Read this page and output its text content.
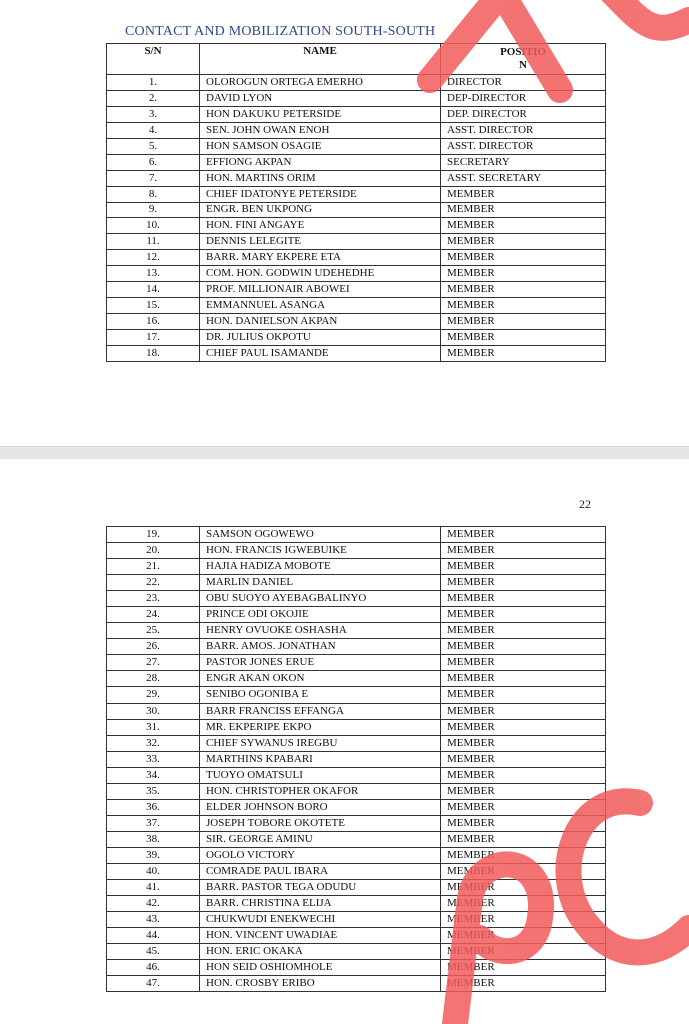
CONTACT AND MOBILIZATION SOUTH-SOUTH
S/N	NAME	POSITIO
N
1.	OLOROGUN ORTEGA EMERHO	DIRECTOR
2.	DAVID LYON	DEP-DIRECTOR
3.	HON DAKUKU PETERSIDE	DEP. DIRECTOR
4.	SEN. JOHN OWAN ENOH	ASST. DIRECTOR
5.	HON SAMSON OSAGIE	ASST. DIRECTOR
6.	EFFIONG AKPAN	SECRETARY
7.	HON. MARTINS ORIM	ASST. SECRETARY
8.	CHIEF IDATONYE PETERSIDE	MEMBER
9.	ENGR. BEN UKPONG	MEMBER
10.	HON. FINI ANGAYE	MEMBER
11.	DENNIS LELEGITE	MEMBER
12.	BARR. MARY EKPERE ETA	MEMBER
13.	COM. HON. GODWIN UDEHEDHE	MEMBER
14.	PROF. MILLIONAIR ABOWEI	MEMBER
15.	EMMANNUEL ASANGA	MEMBER
16.	HON. DANIELSON AKPAN	MEMBER
17.	DR. JULIUS OKPOTU	MEMBER
18.	CHIEF PAUL ISAMANDE	MEMBER
22
19.	SAMSON OGOWEWO	MEMBER
20.	HON. FRANCIS IGWEBUIKE	MEMBER
21.	HAJIA HADIZA MOBOTE	MEMBER
22.	MARLIN DANIEL	MEMBER
23.	OBU SUOYO AYEBAGBALINYO	MEMBER
24.	PRINCE ODI OKOJIE	MEMBER
25.	HENRY OVUOKE OSHASHA	MEMBER
26.	BARR. AMOS. JONATHAN	MEMBER
27.	PASTOR JONES ERUE	MEMBER
28.	ENGR AKAN OKON	MEMBER
29.	SENIBO OGONIBA E	MEMBER
30.	BARR FRANCISS EFFANGA	MEMBER
31.	MR. EKPERIPE EKPO	MEMBER
32.	CHIEF SYWANUS IREGBU	MEMBER
33.	MARTHINS KPABARI	MEMBER
34.	TUOYO OMATSULI	MEMBER
35.	HON. CHRISTOPHER OKAFOR	MEMBER
36.	ELDER JOHNSON BORO	MEMBER
37.	JOSEPH TOBORE OKOTETE	MEMBER
38.	SIR. GEORGE AMINU	MEMBER
39.	OGOLO VICTORY	MEMBER
40.	COMRADE PAUL IBARA	MEMBER
41.	BARR. PASTOR TEGA ODUDU	MEMBER
42.	BARR. CHRISTINA ELIJA	MEMBER
43.	CHUKWUDI ENEKWECHI	MEMBER
44.	HON. VINCENT UWADIAE	MEMBER
45.	HON. ERIC OKAKA	MEMBER
46.	HON SEID OSHIOMHOLE	MEMBER
47.	HON. CROSBY ERIBO	MEMBER
